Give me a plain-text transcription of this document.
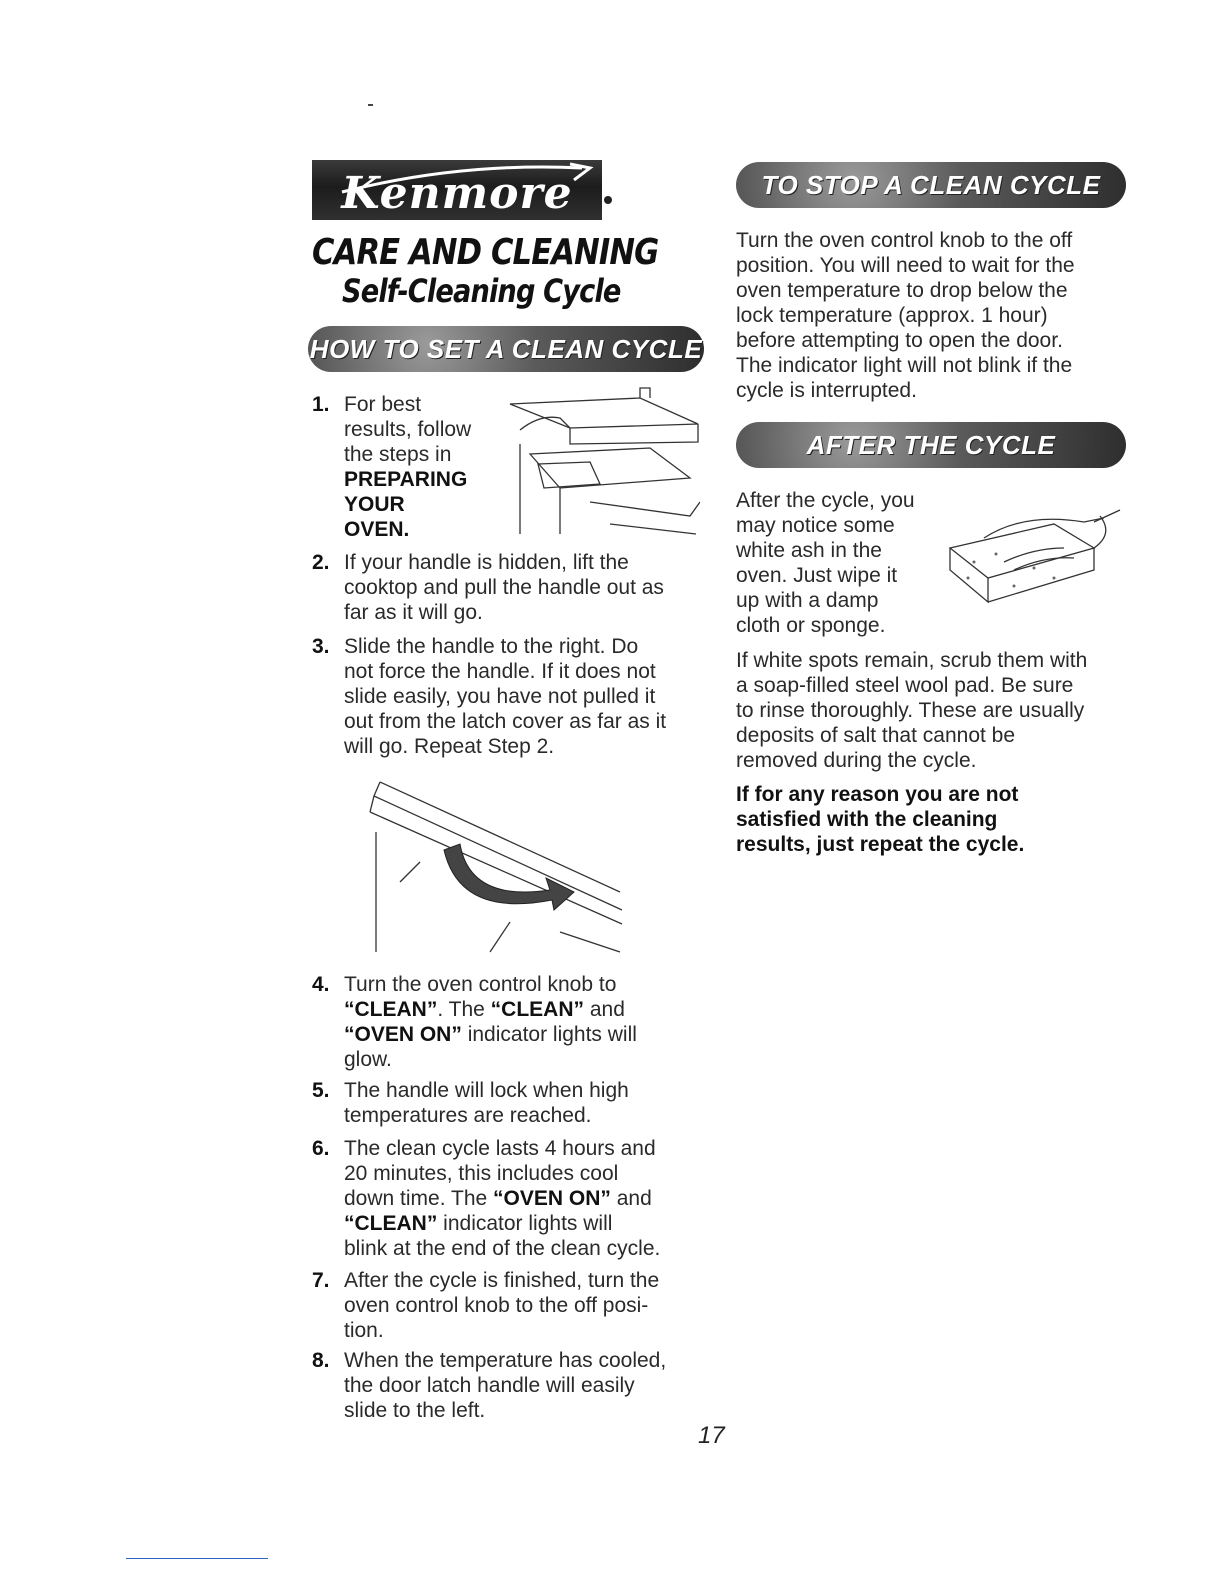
Kenmore
CARE AND CLEANING
Self-Cleaning Cycle
HOW TO SET A CLEAN CYCLE
1. For best
results, follow
the steps in
PREPARING
YOUR
OVEN.
2. If your handle is hidden, lift the
cooktop and pull the handle out as
far as it will go.
3. Slide the handle to the right. Do
not force the handle. If it does not
slide easily, you have not pulled it
out from the latch cover as far as it
will go. Repeat Step 2.
4. Turn the oven control knob to
“CLEAN”. The “CLEAN” and
“OVEN ON” indicator lights will
glow.
5. The handle will lock when high
temperatures are reached.
6. The clean cycle lasts 4 hours and
20 minutes, this includes cool
down time. The “OVEN ON” and
“CLEAN” indicator lights will
blink at the end of the clean cycle.
7. After the cycle is finished, turn the
oven control knob to the off posi-
tion.
8. When the temperature has cooled,
the door latch handle will easily
slide to the left.
TO STOP A CLEAN CYCLE
Turn the oven control knob to the off
position. You will need to wait for the
oven temperature to drop below the
lock temperature (approx. 1 hour)
before attempting to open the door.
The indicator light will not blink if the
cycle is interrupted.
AFTER THE CYCLE
After the cycle, you
may notice some
white ash in the
oven. Just wipe it
up with a damp
cloth or sponge.
If white spots remain, scrub them with
a soap-filled steel wool pad. Be sure
to rinse thoroughly. These are usually
deposits of salt that cannot be
removed during the cycle.
If for any reason you are not
satisfied with the cleaning
results, just repeat the cycle.
17
